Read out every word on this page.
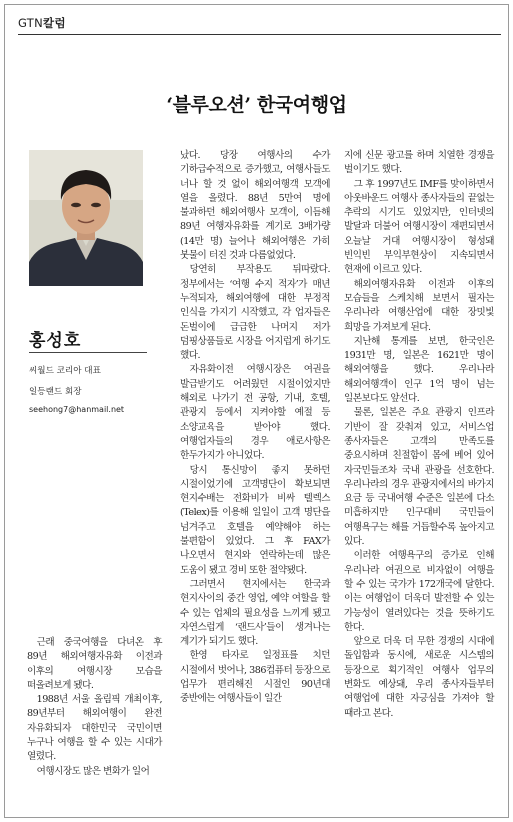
GTN칼럼
‘블루오션’ 한국여행업
홍성호
씨월드 코리아 대표
일등랜드 회장
seehong7@hanmail.net

근래 중국여행을 다녀온 후 89년 해외여행자유화 이전과 이후의 여행시장 모습을 떠올려보게 됐다.

1988년 서울 올림픽 개최이후, 89년부터 해외여행이 완전 자유화되자 대한민국 국민이면 누구나 여행을 할 수 있는 시대가 열렸다.

여행시장도 많은 변화가 일어

났다. 당장 여행사의 수가 기하급수적으로 증가했고, 여행사들도 너나 할 것 없이 해외여행객 모객에 열을 올렸다. 88년 5만여 명에 불과하던 해외여행사 모객이, 이듬해 89년 여행자유화를 계기로 3배가량(14만 명) 늘어나 해외여행은 가히 붓물이 터진 것과 다름없었다.

당연히 부작용도 뒤따랐다. 정부에서는 ‘여행 수지 적자’가 매년 누적되자, 해외여행에 대한 부정적 인식을 가지기 시작했고, 각 업자들은 돈벌이에 급급한 나머지 저가 덤핑상품들로 시장을 어지럽게 하기도 했다.

자유화이전 여행시장은 여권을 발급받기도 어려웠던 시절이었지만 해외로 나가기 전 공항, 기내, 호텔, 관광지 등에서 지켜야할 예절 등 소양교육을 받아야 했다. 여행업자들의 경우 애로사항은 한두가지가 아니었다.

당시 통신망이 좋지 못하던 시절이었기에 고객명단이 확보되면 현지수배는 전화비가 비싸 텔렉스(Telex)를 이용해 일일이 고객 명단을 넘겨주고 호텔을 예약해야 하는 불편함이 있었다. 그 후 FAX가 나오면서 현지와 연락하는데 많은 도움이 됐고 경비 또한 절약됐다.

그러면서 현지에서는 한국과 현지사이의 중간 영업, 예약 여할을 할 수 있는 업체의 필요성을 느끼게 됐고 자연스럽게 ‘랜드사’들이 생겨나는 계기가 되기도 했다.

한영 타자로 일정표를 치던 시절에서 벗어나, 386컴퓨터 등장으로 업무가 편리해진 시절인 90년대 중반에는 여행사들이 일간

지에 신문 광고를 하며 치열한 경쟁을 벌이기도 했다.

그 후 1997년도 IMF를 맞이하면서 아웃바운드 여행사 종사자들의 끝없는 추락의 시기도 있었지만, 인터넷의 발달과 더불어 여행시장이 재편되면서 오늘날 거대 여행시장이 형성돼 빈익빈 부익부현상이 지속되면서 현재에 이르고 있다.

해외여행자유화 이전과 이후의 모습들을 스케치해 보면서 필자는 우리나라 여행산업에 대한 장밋빛 희망을 가져보게 된다.

지난해 통계를 보면, 한국인은 1931만 명, 일본은 1621만 명이 해외여행을 했다. 우리나라 해외여행객이 인구 1억 명이 넘는 일본보다도 앞선다.

물론, 일본은 주요 관광지 인프라 기반이 잘 갖춰져 있고, 서비스업 종사자들은 고객의 만족도를 중요시하며 친절함이 몸에 베어 있어 자국민들조차 국내 관광을 선호한다. 우리나라의 경우 관광지에서의 바가지 요금 등 국내여행 수준은 일본에 다소 미흡하지만 인구대비 국민들이 여행욕구는 해를 거듭할수록 높아지고 있다.

이러한 여행욕구의 증가로 인해 우리나라 여권으로 비자없이 여행을 할 수 있는 국가가 172개국에 달한다. 이는 여행업이 더욱더 발전할 수 있는 가능성이 열려있다는 것을 뜻하기도 한다.

앞으로 더욱 더 무한 경쟁의 시대에 돌입함과 동시에, 새로운 시스템의 등장으로 획기적인 여행사 업무의 변화도 예상돼, 우리 종사자들부터 여행업에 대한 자긍심을 가져야 할 때라고 본다.
